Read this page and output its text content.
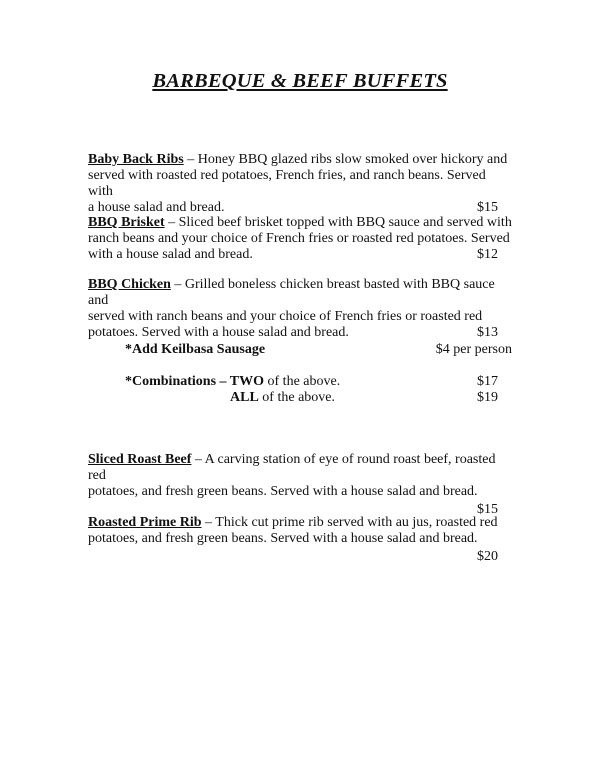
BARBEQUE & BEEF BUFFETS
Baby Back Ribs – Honey BBQ glazed ribs slow smoked over hickory and
served with roasted red potatoes, French fries, and ranch beans. Served with
a house salad and bread.	$15
BBQ Brisket – Sliced beef brisket topped with BBQ sauce and served with
ranch beans and your choice of French fries or roasted red potatoes. Served
with a house salad and bread.	$12
BBQ Chicken – Grilled boneless chicken breast basted with BBQ sauce and
served with ranch beans and your choice of French fries or roasted red
potatoes. Served with a house salad and bread.	$13
*Add Keilbasa Sausage	$4 per person
*Combinations – TWO of the above.	$17
ALL of the above.	$19
Sliced Roast Beef – A carving station of eye of round roast beef, roasted red
potatoes, and fresh green beans. Served with a house salad and bread.
$15
Roasted Prime Rib – Thick cut prime rib served with au jus, roasted red
potatoes, and fresh green beans. Served with a house salad and bread.
$20
